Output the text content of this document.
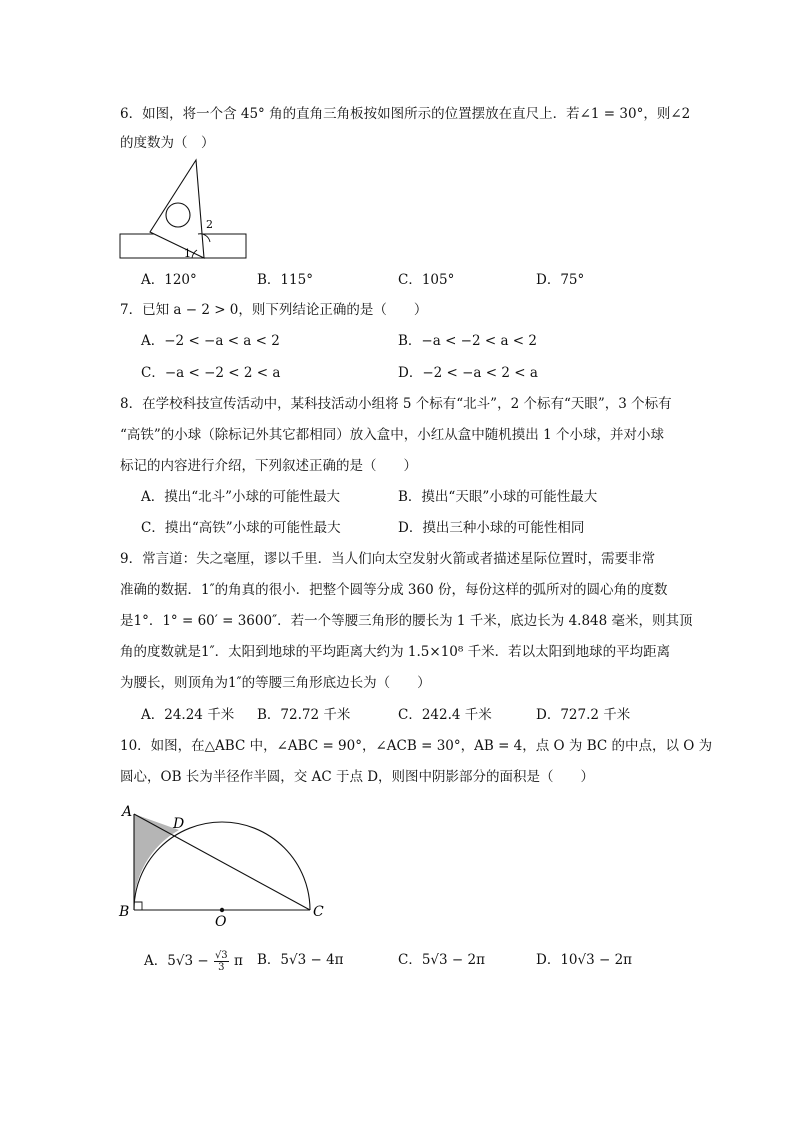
6．如图，将一个含 45° 角的直角三角板按如图所示的位置摆放在直尺上．若∠1 = 30°，则∠2
的度数为（　）
1
2
A．120°	B．115°	C．105°	D．75°
7．已知 a − 2 > 0，则下列结论正确的是（　　）
A．−2 < −a < a < 2	B．−a < −2 < a < 2
C．−a < −2 < 2 < a	D．−2 < −a < 2 < a
8．在学校科技宣传活动中，某科技活动小组将 5 个标有“北斗”，2 个标有“天眼”，3 个标有
“高铁”的小球（除标记外其它都相同）放入盒中，小红从盒中随机摸出 1 个小球，并对小球
标记的内容进行介绍，下列叙述正确的是（　　）
A．摸出“北斗”小球的可能性最大	B．摸出“天眼”小球的可能性最大
C．摸出“高铁”小球的可能性最大	D．摸出三种小球的可能性相同
9．常言道：失之毫厘，谬以千里．当人们向太空发射火箭或者描述星际位置时，需要非常
准确的数据．1″的角真的很小．把整个圆等分成 360 份，每份这样的弧所对的圆心角的度数
是1°．1° = 60′ = 3600″．若一个等腰三角形的腰长为 1 千米，底边长为 4.848 毫米，则其顶
角的度数就是1″．太阳到地球的平均距离大约为 1.5×10⁸ 千米．若以太阳到地球的平均距离
为腰长，则顶角为1″的等腰三角形底边长为（　　）
A．24.24 千米 B．72.72 千米	C．242.4 千米	D．727.2 千米
10．如图，在△ABC 中，∠ABC = 90°，∠ACB = 30°，AB = 4，点 O 为 BC 的中点，以 O 为
圆心，OB 长为半径作半圆，交 AC 于点 D，则图中阴影部分的面积是（　　）
A
D
B
O
C
A．$5√3 - \frac{√3}{3}$ π B．5√3 − 4π	C．5√3 − 2π	D．10√3 − 2π
